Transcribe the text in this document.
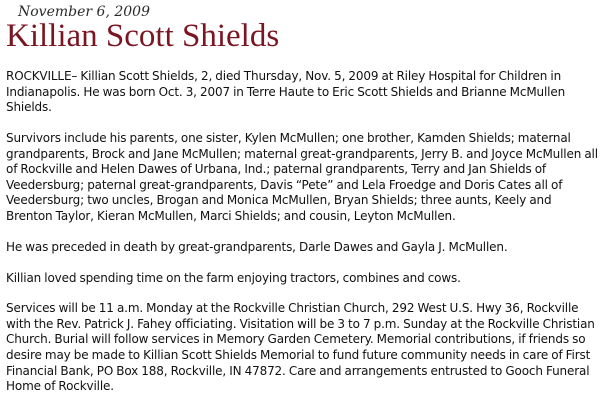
November 6, 2009
Killian Scott Shields

ROCKVILLE– Killian Scott Shields, 2, died Thursday, Nov. 5, 2009 at Riley Hospital for Children in Indianapolis. He was born Oct. 3, 2007 in Terre Haute to Eric Scott Shields and Brianne McMullen Shields.

Survivors include his parents, one sister, Kylen McMullen; one brother, Kamden Shields; maternal grandparents, Brock and Jane McMullen; maternal great-grandparents, Jerry B. and Joyce McMullen all of Rockville and Helen Dawes of Urbana, Ind.; paternal grandparents, Terry and Jan Shields of Veedersburg; paternal great-grandparents, Davis “Pete” and Lela Froedge and Doris Cates all of Veedersburg; two uncles, Brogan and Monica McMullen, Bryan Shields; three aunts, Keely and Brenton Taylor, Kieran McMullen, Marci Shields; and cousin, Leyton McMullen.

He was preceded in death by great-grandparents, Darle Dawes and Gayla J. McMullen.

Killian loved spending time on the farm enjoying tractors, combines and cows.

Services will be 11 a.m. Monday at the Rockville Christian Church, 292 West U.S. Hwy 36, Rockville with the Rev. Patrick J. Fahey officiating. Visitation will be 3 to 7 p.m. Sunday at the Rockville Christian Church. Burial will follow services in Memory Garden Cemetery. Memorial contributions, if friends so desire may be made to Killian Scott Shields Memorial to fund future community needs in care of First Financial Bank, PO Box 188, Rockville, IN 47872. Care and arrangements entrusted to Gooch Funeral Home of Rockville.
